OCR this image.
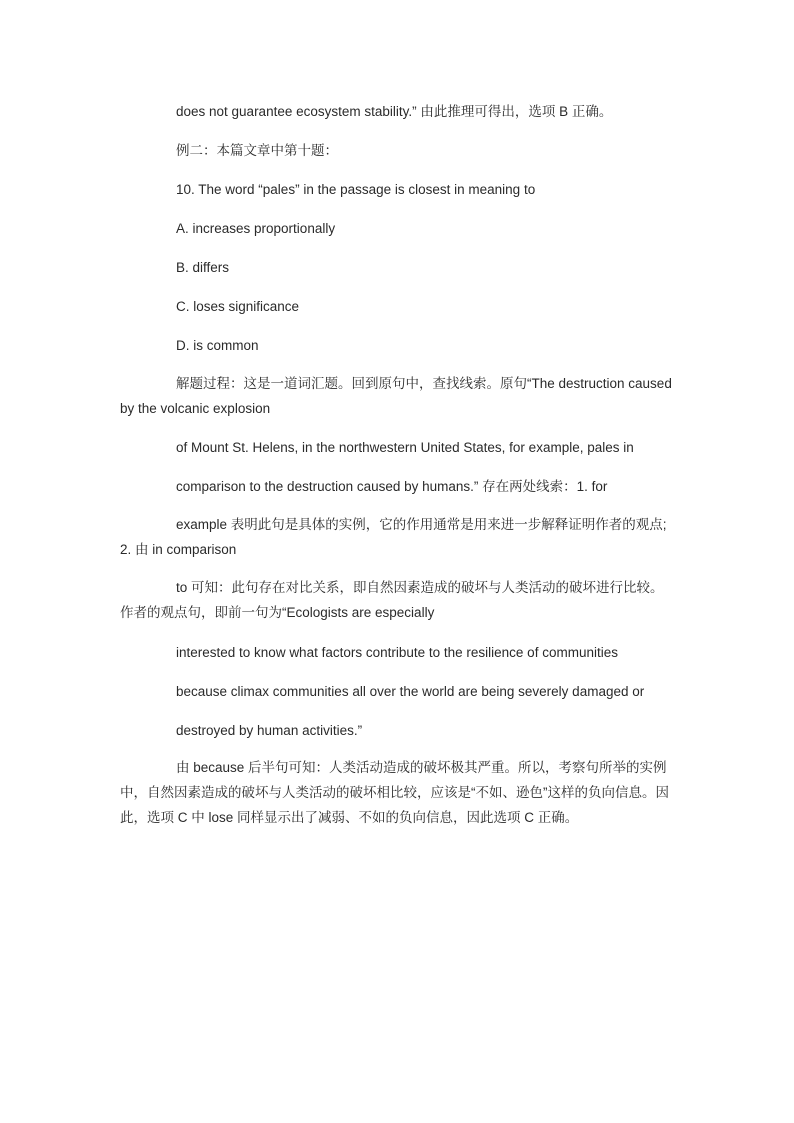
does not guarantee ecosystem stability.” 由此推理可得出，选项 B 正确。
例二：本篇文章中第十题：
10. The word “pales” in the passage is closest in meaning to
A. increases proportionally
B. differs
C. loses significance
D. is common
解题过程：这是一道词汇题。回到原句中，查找线索。原句“The destruction caused by the volcanic explosion
of Mount St. Helens, in the northwestern United States, for example, pales in
comparison to the destruction caused by humans.” 存在两处线索：1. for
example 表明此句是具体的实例，它的作用通常是用来进一步解释证明作者的观点;2. 由 in comparison
to 可知：此句存在对比关系，即自然因素造成的破坏与人类活动的破坏进行比较。作者的观点句，即前一句为“Ecologists are especially
interested to know what factors contribute to the resilience of communities
because climax communities all over the world are being severely damaged or
destroyed by human activities.”
由 because 后半句可知：人类活动造成的破坏极其严重。所以，考察句所举的实例中，自然因素造成的破坏与人类活动的破坏相比较，应该是“不如、逊色”这样的负向信息。因此，选项 C 中 lose 同样显示出了减弱、不如的负向信息，因此选项 C 正确。
